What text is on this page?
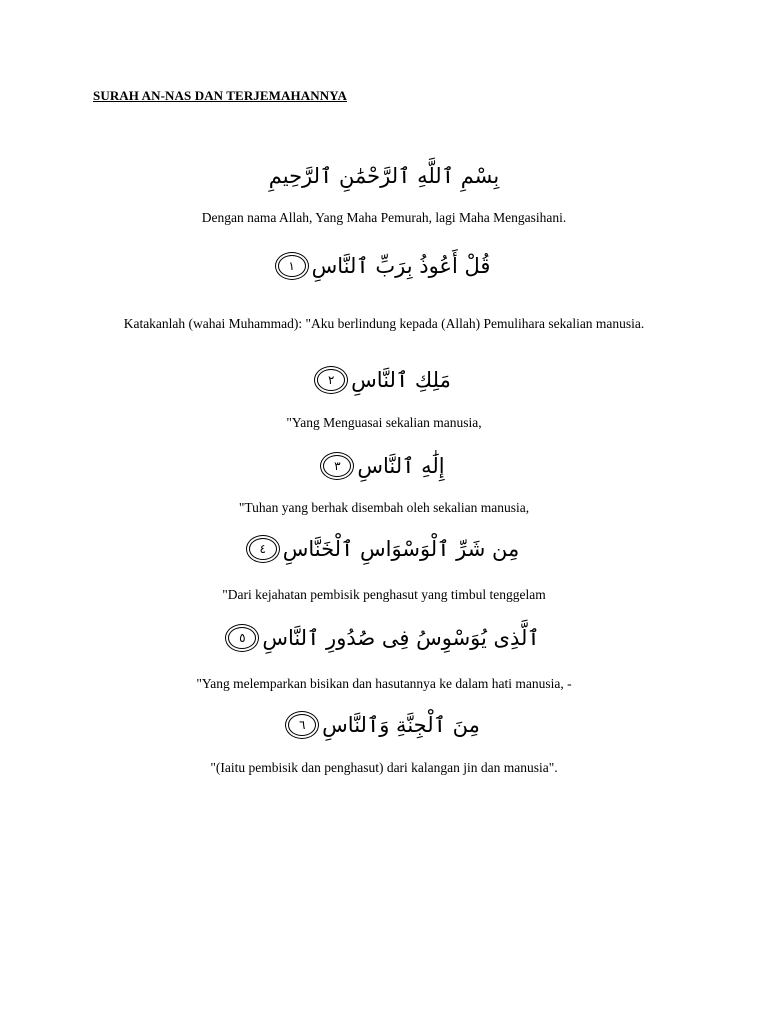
SURAH AN-NAS DAN TERJEMAHANNYA
بِسْمِ ٱللَّهِ ٱلرَّحْمَٰنِ ٱلرَّحِيمِ
Dengan nama Allah, Yang Maha Pemurah, lagi Maha Mengasihani.
قُلْ أَعُوذُ بِرَبِّ ٱلنَّاسِ
١
Katakanlah (wahai Muhammad): "Aku berlindung kepada (Allah) Pemulihara sekalian manusia.
مَلِكِ ٱلنَّاسِ
٢
"Yang Menguasai sekalian manusia,
إِلَٰهِ ٱلنَّاسِ
٣
"Tuhan yang berhak disembah oleh sekalian manusia,
مِن شَرِّ ٱلْوَسْوَاسِ ٱلْخَنَّاسِ
٤
"Dari kejahatan pembisik penghasut yang timbul tenggelam
ٱلَّذِى يُوَسْوِسُ فِى صُدُورِ ٱلنَّاسِ
٥
"Yang melemparkan bisikan dan hasutannya ke dalam hati manusia, -
مِنَ ٱلْجِنَّةِ وَٱلنَّاسِ
٦
"(Iaitu pembisik dan penghasut) dari kalangan jin dan manusia".
